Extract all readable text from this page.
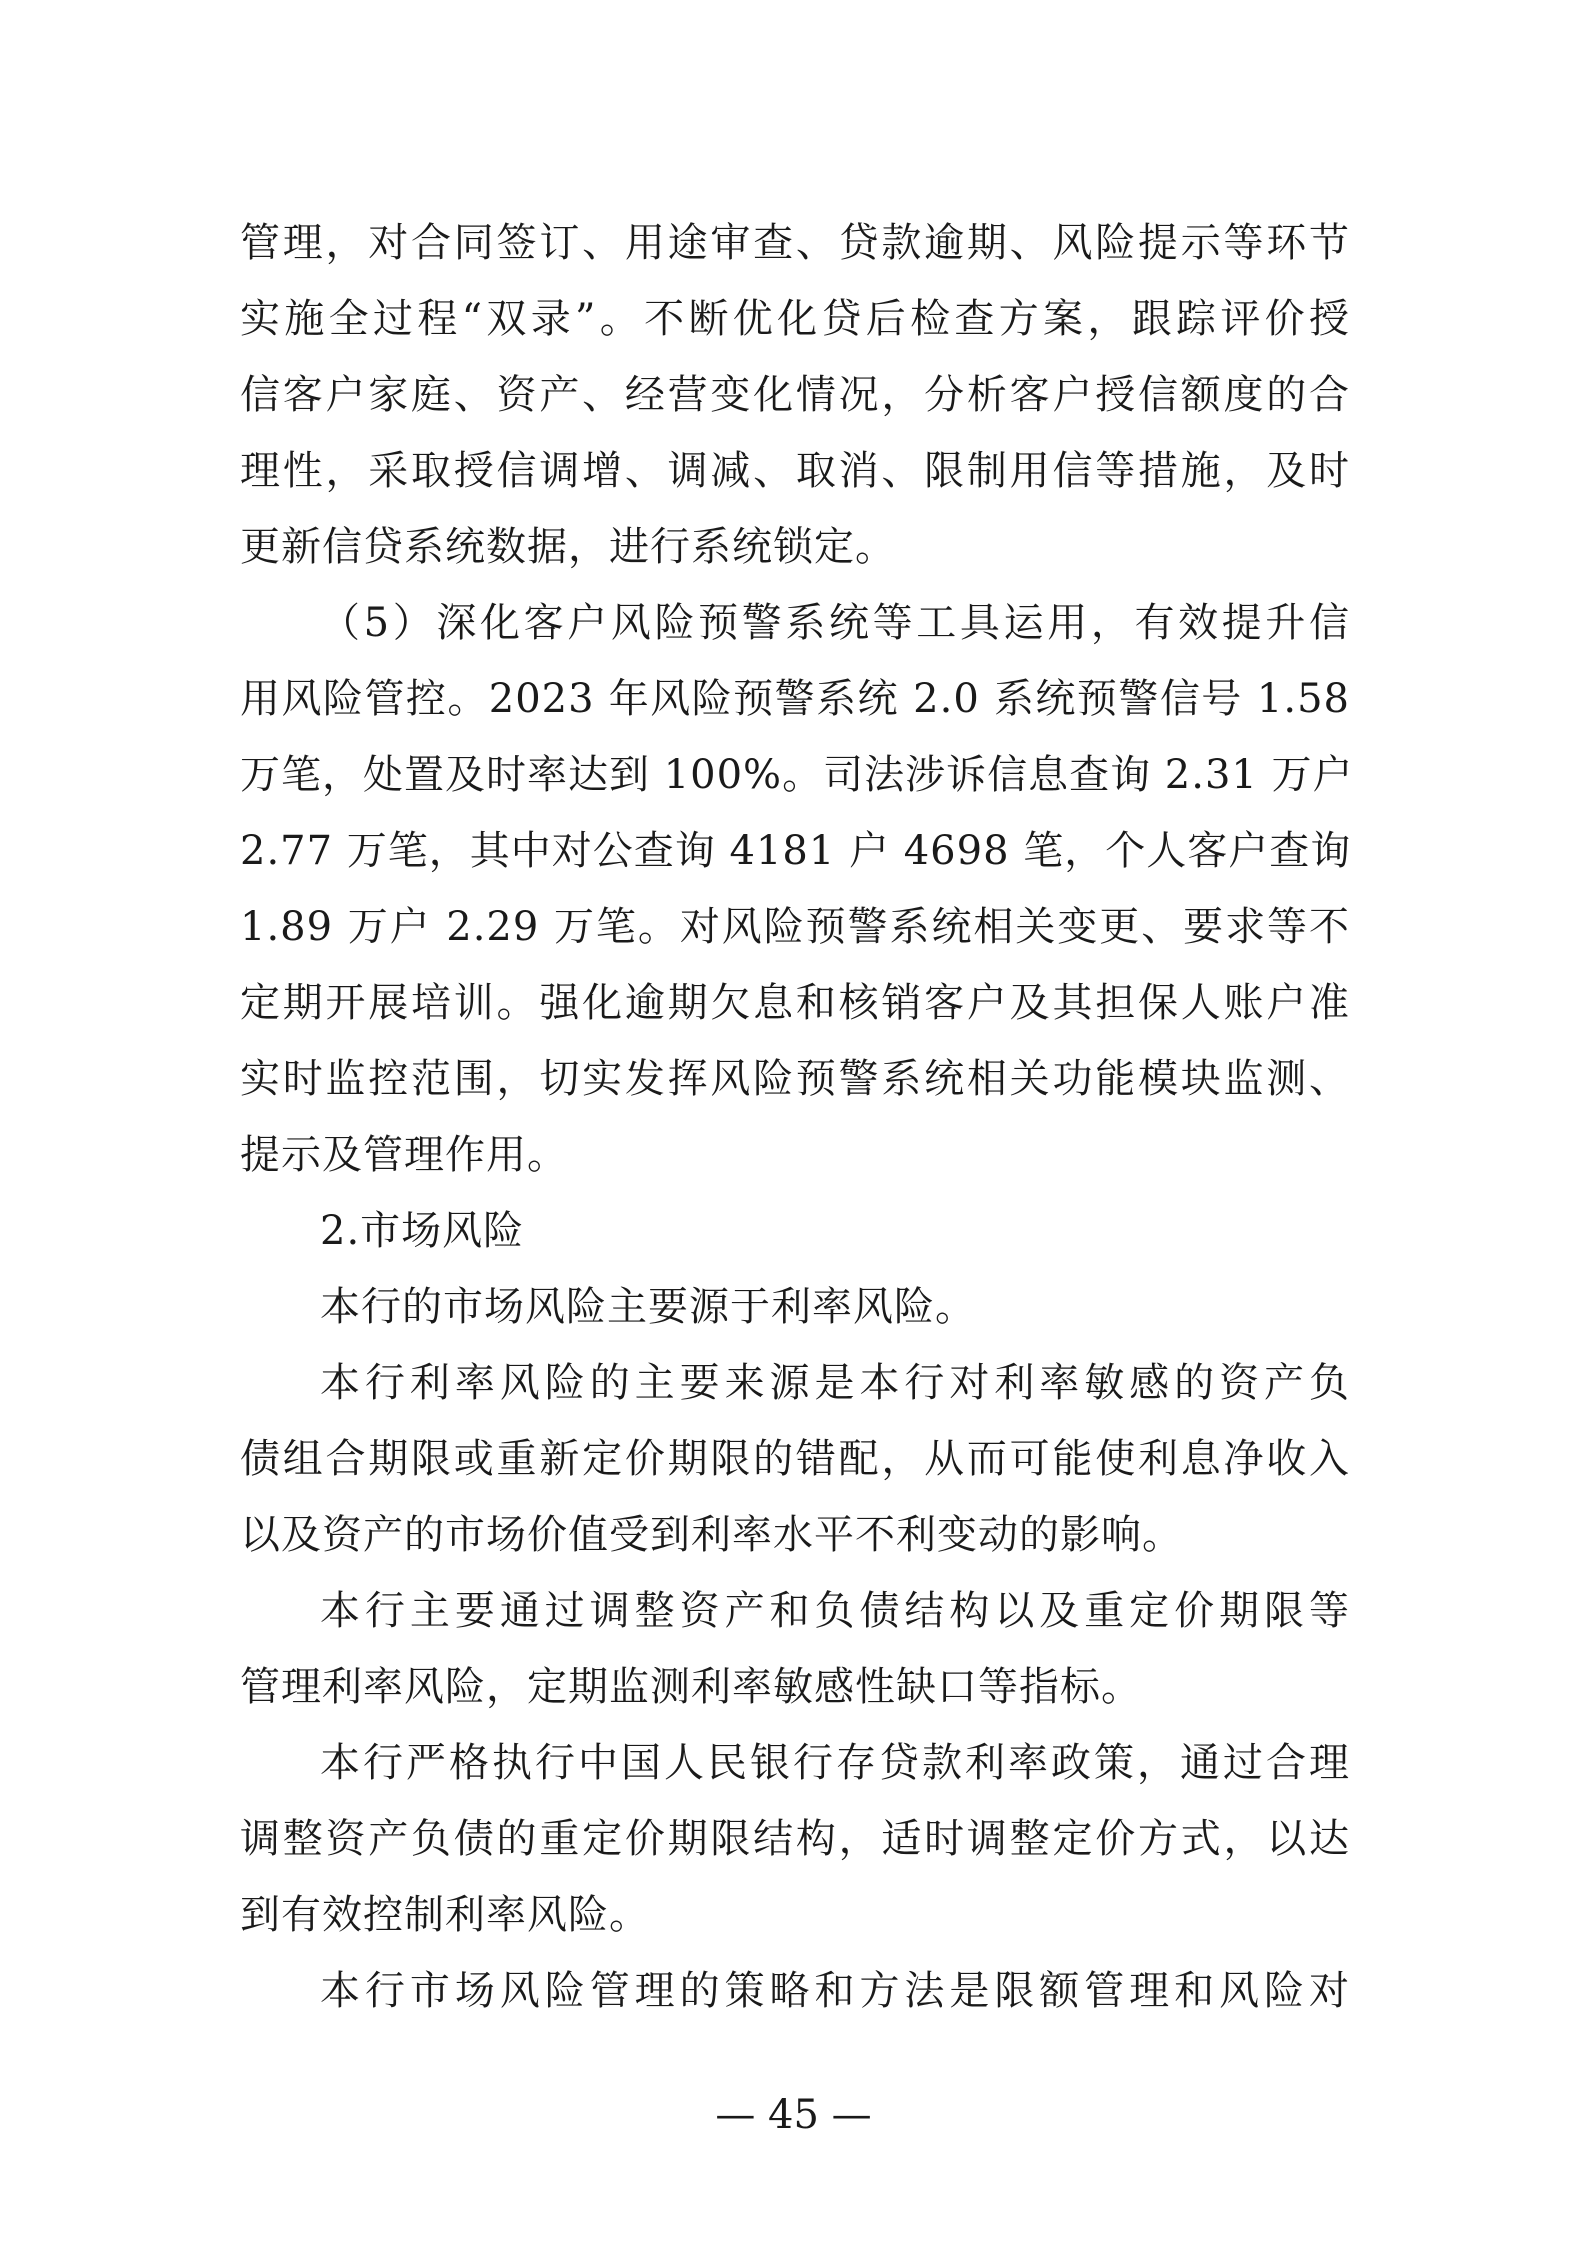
管理，对合同签订、用途审查、贷款逾期、风险提示等环节
实施全过程“双录”。不断优化贷后检查方案，跟踪评价授
信客户家庭、资产、经营变化情况，分析客户授信额度的合
理性，采取授信调增、调减、取消、限制用信等措施，及时
更新信贷系统数据，进行系统锁定。
（5）深化客户风险预警系统等工具运用，有效提升信
用风险管控。2023 年风险预警系统 2.0 系统预警信号 1.58
万笔，处置及时率达到 100%。司法涉诉信息查询 2.31 万户
2.77 万笔，其中对公查询 4181 户 4698 笔，个人客户查询
1.89 万户 2.29 万笔。对风险预警系统相关变更、要求等不
定期开展培训。强化逾期欠息和核销客户及其担保人账户准
实时监控范围，切实发挥风险预警系统相关功能模块监测、
提示及管理作用。
2.市场风险
本行的市场风险主要源于利率风险。
本行利率风险的主要来源是本行对利率敏感的资产负
债组合期限或重新定价期限的错配，从而可能使利息净收入
以及资产的市场价值受到利率水平不利变动的影响。
本行主要通过调整资产和负债结构以及重定价期限等
管理利率风险，定期监测利率敏感性缺口等指标。
本行严格执行中国人民银行存贷款利率政策，通过合理
调整资产负债的重定价期限结构，适时调整定价方式，以达
到有效控制利率风险。
本行市场风险管理的策略和方法是限额管理和风险对
— 45 —
